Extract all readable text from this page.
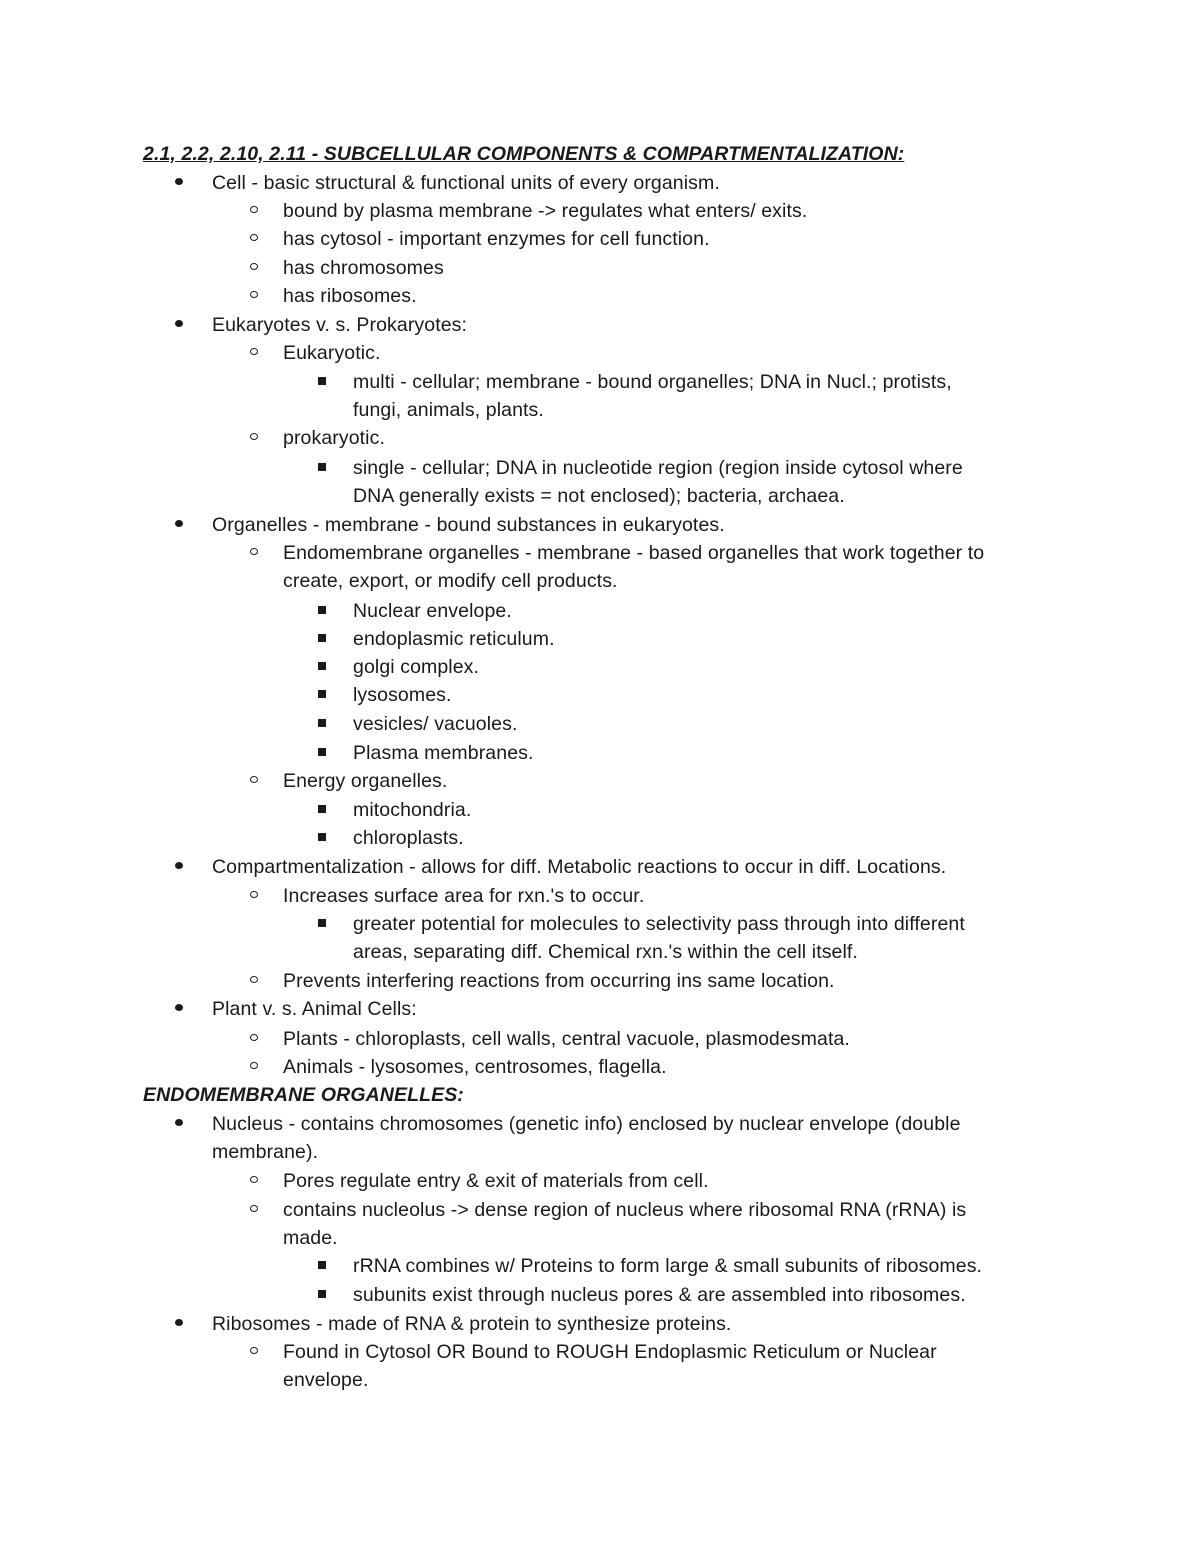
2.1, 2.2, 2.10, 2.11 - SUBCELLULAR COMPONENTS & COMPARTMENTALIZATION:
Cell - basic structural & functional units of every organism.
bound by plasma membrane -> regulates what enters/ exits.
has cytosol - important enzymes for cell function.
has chromosomes
has ribosomes.
Eukaryotes v. s. Prokaryotes:
Eukaryotic.
multi - cellular; membrane - bound organelles; DNA in Nucl.; protists,
fungi, animals, plants.
prokaryotic.
single - cellular; DNA in nucleotide region (region inside cytosol where
DNA generally exists = not enclosed); bacteria, archaea.
Organelles - membrane - bound substances in eukaryotes.
Endomembrane organelles - membrane - based organelles that work together to
create, export, or modify cell products.
Nuclear envelope.
endoplasmic reticulum.
golgi complex.
lysosomes.
vesicles/ vacuoles.
Plasma membranes.
Energy organelles.
mitochondria.
chloroplasts.
Compartmentalization - allows for diff. Metabolic reactions to occur in diff. Locations.
Increases surface area for rxn.'s to occur.
greater potential for molecules to selectivity pass through into different
areas, separating diff. Chemical rxn.'s within the cell itself.
Prevents interfering reactions from occurring ins same location.
Plant v. s. Animal Cells:
Plants - chloroplasts, cell walls, central vacuole, plasmodesmata.
Animals - lysosomes, centrosomes, flagella.
ENDOMEMBRANE ORGANELLES:
Nucleus - contains chromosomes (genetic info) enclosed by nuclear envelope (double
membrane).
Pores regulate entry & exit of materials from cell.
contains nucleolus -> dense region of nucleus where ribosomal RNA (rRNA) is
made.
rRNA combines w/ Proteins to form large & small subunits of ribosomes.
subunits exist through nucleus pores & are assembled into ribosomes.
Ribosomes - made of RNA & protein to synthesize proteins.
Found in Cytosol OR Bound to ROUGH Endoplasmic Reticulum or Nuclear
envelope.
